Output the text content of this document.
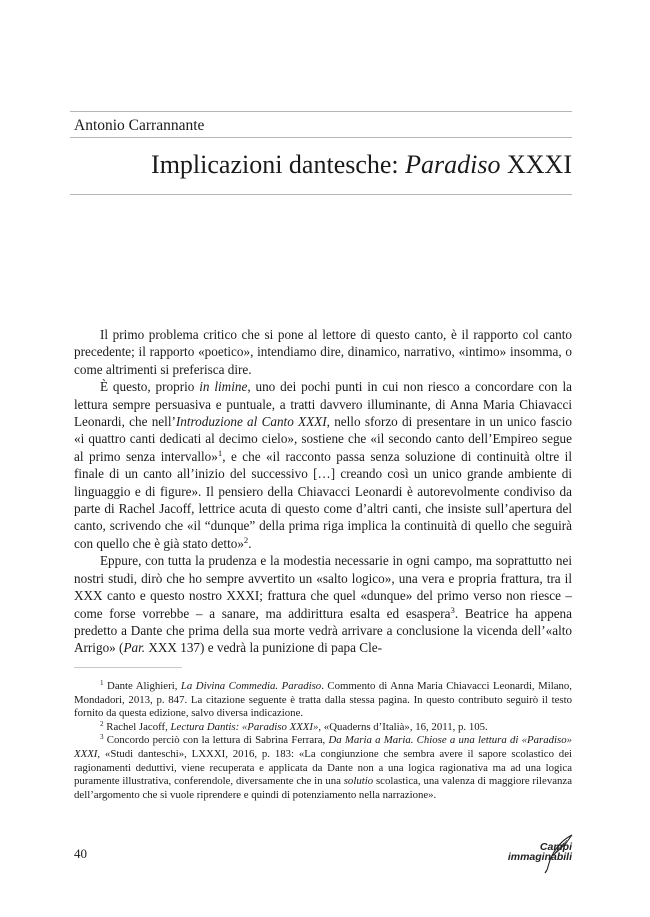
Antonio Carrannante
Implicazioni dantesche: Paradiso XXXI

Il primo problema critico che si pone al lettore di questo canto, è il rapporto col canto precedente; il rapporto «poetico», intendiamo dire, dinamico, narrativo, «intimo» insomma, o come altrimenti si preferisca dire.

È questo, proprio in limine, uno dei pochi punti in cui non riesco a concordare con la lettura sempre persuasiva e puntuale, a tratti davvero illuminante, di Anna Maria Chiavacci Leonardi, che nell’Introduzione al Canto XXXI, nello sforzo di presentare in un unico fascio «i quattro canti dedicati al decimo cielo», sostiene che «il secondo canto dell’Empireo segue al primo senza intervallo»$^1$, e che «il racconto passa senza soluzione di continuità oltre il finale di un canto all’inizio del successivo […] creando così un unico grande ambiente di linguaggio e di figure». Il pensiero della Chiavacci Leonardi è autorevolmente condiviso da parte di Rachel Jacoff, lettrice acuta di questo come d’altri canti, che insiste sull’apertura del canto, scrivendo che «il “dunque” della prima riga implica la continuità di quello che seguirà con quello che è già stato detto»$^2$.

Eppure, con tutta la prudenza e la modestia necessarie in ogni campo, ma soprattutto nei nostri studi, dirò che ho sempre avvertito un «salto logico», una vera e propria frattura, tra il XXX canto e questo nostro XXXI; frattura che quel «dunque» del primo verso non riesce – come forse vorrebbe – a sanare, ma addirittura esalta ed esaspera$^3$. Beatrice ha appena predetto a Dante che prima della sua morte vedrà arrivare a conclusione la vicenda dell’«alto Arrigo» (Par. XXX 137) e vedrà la punizione di papa Cle-

$^1$ Dante Alighieri, La Divina Commedia. Paradiso. Commento di Anna Maria Chiavacci Leonardi, Milano, Mondadori, 2013, p. 847. La citazione seguente è tratta dalla stessa pagina. In questo contributo seguirò il testo fornito da questa edizione, salvo diversa indicazione.

$^2$ Rachel Jacoff, Lectura Dantis: «Paradiso XXXI», «Quaderns d’Italià», 16, 2011, p. 105.

$^3$ Concordo perciò con la lettura di Sabrina Ferrara, Da Maria a Maria. Chiose a una lettura di «Paradiso» XXXI, «Studi danteschi», LXXXI, 2016, p. 183: «La congiunzione che sembra avere il sapore scolastico dei ragionamenti deduttivi, viene recuperata e applicata da Dante non a una logica ragionativa ma ad una logica puramente illustrativa, conferendole, diversamente che in una solutio scolastica, una valenza di maggiore rilevanza dell’argomento che si vuole riprendere e quindi di potenziamento nella narrazione».

40	Campi
immaginabili
